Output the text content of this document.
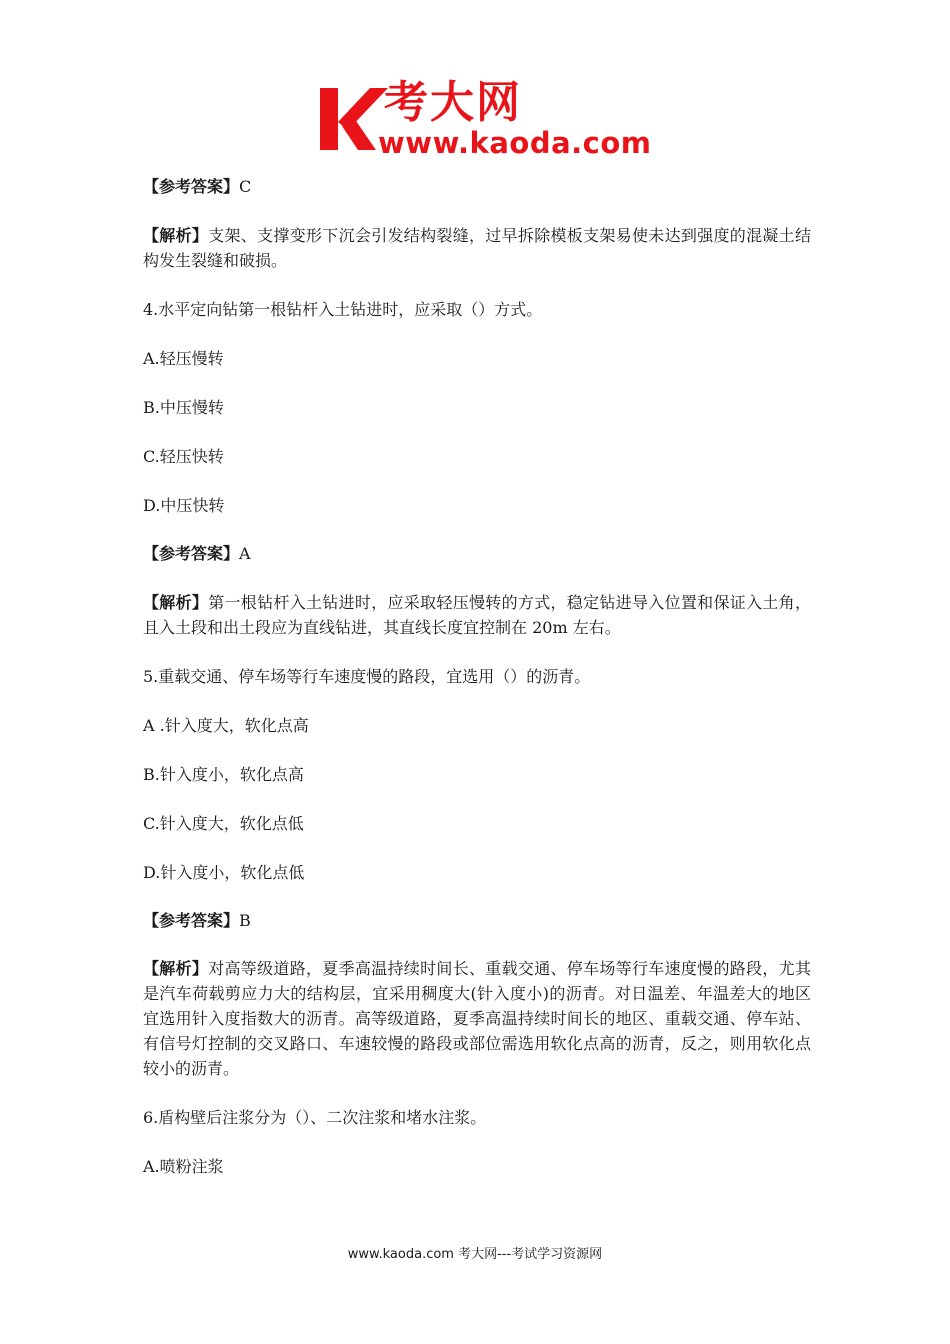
考大网
www.kaoda.com
【参考答案】C
【解析】支架、支撑变形下沉会引发结构裂缝，过早拆除模板支架易使未达到强度的混凝土结构发生裂缝和破损。
4.水平定向钻第一根钻杆入土钻进时，应采取（）方式。
A.轻压慢转
B.中压慢转
C.轻压快转
D.中压快转
【参考答案】A
【解析】第一根钻杆入土钻进时，应采取轻压慢转的方式，稳定钻进导入位置和保证入土角，且入土段和出土段应为直线钻进，其直线长度宜控制在 20m 左右。
5.重载交通、停车场等行车速度慢的路段，宜选用（）的沥青。
A .针入度大，软化点高
B.针入度小，软化点高
C.针入度大，软化点低
D.针入度小，软化点低
【参考答案】B
【解析】对高等级道路，夏季高温持续时间长、重载交通、停车场等行车速度慢的路段，尤其是汽车荷载剪应力大的结构层，宜采用稠度大(针入度小)的沥青。对日温差、年温差大的地区宜选用针入度指数大的沥青。高等级道路，夏季高温持续时间长的地区、重载交通、停车站、有信号灯控制的交叉路口、车速较慢的路段或部位需选用软化点高的沥青，反之，则用软化点较小的沥青。
6.盾构壁后注浆分为（）、二次注浆和堵水注浆。
A.喷粉注浆
www.kaoda.com 考大网---考试学习资源网
